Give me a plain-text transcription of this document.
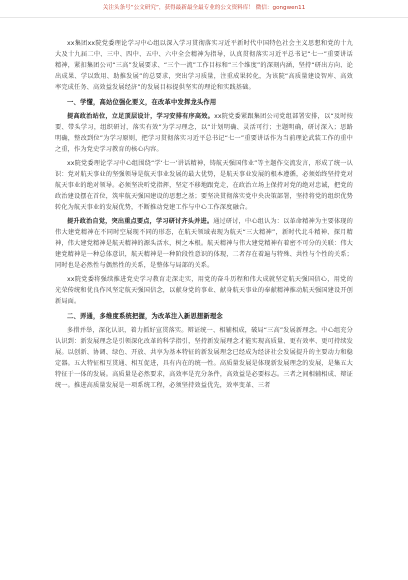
关注头条号“公文研究”，获得最新最全最专业的公文资料库！ 微信：gongwen11

xx集团xx院党委理论学习中心组以深入学习贯彻落实习近平新时代中国特色社会主义思想和党的十九大及十九届二中、三中、四中、五中、六中全会精神为指导，认真贯彻落实习近平总书记“七一”重要讲话精神，紧扣集团公司“三高”发展要求、“三个一流”工作目标和“三个维度”的深刻内涵，坚持“研出方向、论出成果、学以致用、助推发展”的总要求，突出学习质量，注重成果转化，为该院“高质量建设智库、高效率完成任务、高效益发展经济”的发展目标提供坚实的理论和实践基础。

一、学懂，高站位强化要义，在改革中发挥龙头作用

提高政治站位，立足顶层设计，学习安排有序高效。xx院党委紧跟集团公司党组部署安排，以“及时按要、带头学习，组织研讨，落实有效”为学习理念，以“计划明确、灵活可行；主题明确，研讨深入；思路明确，整改到位”为学习原则，把学习贯彻落实习近平总书记“七一”重要讲话作为当前理论武装工作的重中之重，作为党史学习教育的核心内容。

xx院党委理论学习中心组围绕“学‘七一’讲话精神，铸航天强国伟业”等主题作交流发言，形成了统一认识：党对航天事业的坚强领导是航天事业发展的最大优势，是航天事业发展的根本遵循，必须始终坚持党对航天事业的绝对领导。必须坚决听党指挥，坚定不移地跟党走，在政治立场上保持对党的绝对忠诚，把党的政治建设摆在首位，筑牢航天强国建设的思想之基；要坚决贯彻落实党中央决策部署，坚持将党的组织优势转化为航天事业的发展优势，不断推动党建工作与中心工作深度融合。

提升政治自觉，突出重点要点，学习研讨齐头并进。通过研讨，中心组认为：以革命精神为主要体现的伟大建党精神在不同时空展现不同的形态，在航天领域表现为航天“三大精神”，新时代北斗精神、探月精神，伟大建党精神是航天精神的源头活水，树之本根。航天精神与伟大建党精神有着密不可分的关联：伟大建党精神是一种总体意识，航天精神是一种阶段性意识的体现，二者存在着遍与特殊、共性与个性的关系；同时也是必然性与偶然性的关系，是整体与局部的关系。

xx院党委将强续推进党史学习教育走深走实，用党的奋斗历程和伟大成就坚定航天强国信心，用党的光荣传统和优良作风坚定航天强国信念，以献身党的事业、献身航天事业的奉献精神推动航天强国建设开创新局面。

二、弄通，多维度系统把握，为改革注入新思想新理念

多措并举，深化认识，着力抓好宣贯落实。辩证统一、相辅相成，破局“三高”发展新理念。中心组充分认识到：新发展理念是引领深化改革的科学指引，坚持新发展理念才能实现高质量、更有效率、更可持续发展。以创新、协调、绿色、开放、共享为基本特征的新发展理念已经成为经济社会发展提升的主要动力和稳定器。五大特征相互贯通、相互促进，具有内在的统一性。高质量发展是体现新发展理念的发展，是集五大特征于一体的发展。高质量是必然要求，高效率是充分条件，高效益是必要标志。三者之间相辅相成、辩证统一。推进高质量发展是一项系统工程，必须坚持效益优先，效率变革、三者
